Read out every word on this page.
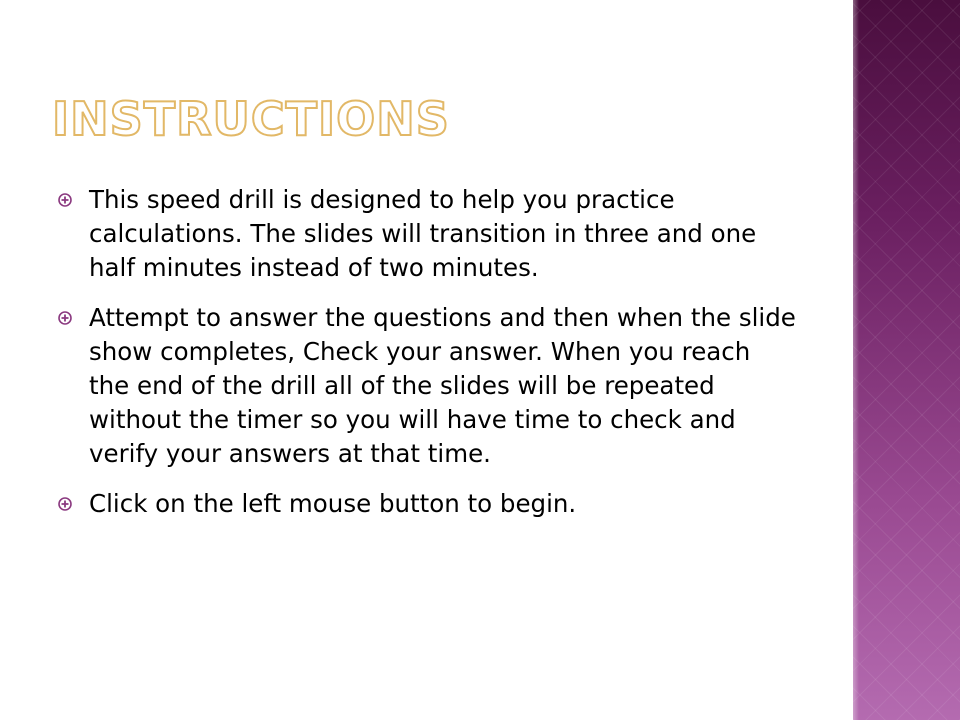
INSTRUCTIONS
This speed drill is designed to help you practice calculations. The slides will transition in three and one half minutes instead of two minutes.
Attempt to answer the questions and then when the slide show completes, Check your answer. When you reach the end of the drill all of the slides will be repeated without the timer so you will have time to check and verify your answers at that time.
Click on the left mouse button to begin.
